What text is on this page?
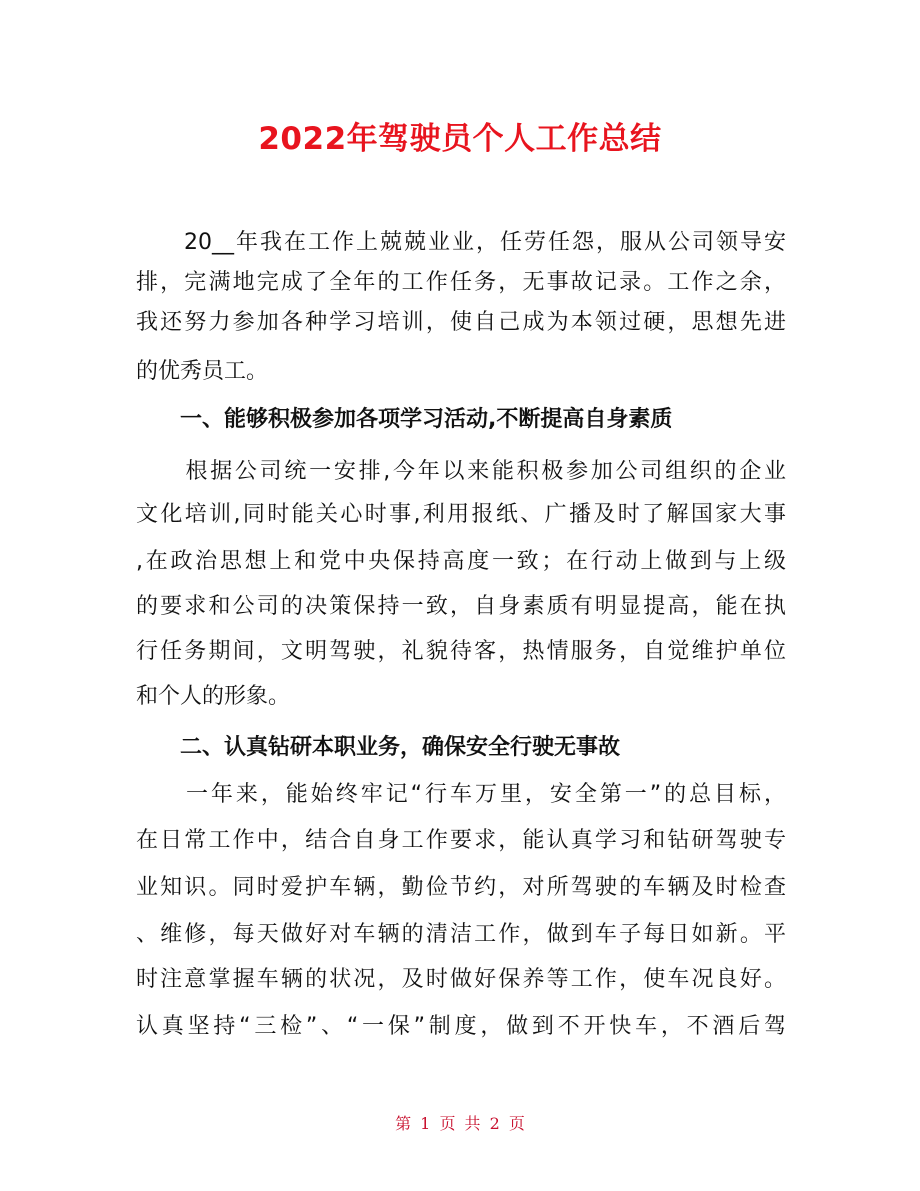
2022年驾驶员个人工作总结
　　20__年我在工作上兢兢业业，任劳任怨，服从公司领导安
排，完满地完成了全年的工作任务，无事故记录。工作之余，
我还努力参加各种学习培训，使自己成为本领过硬，思想先进
的优秀员工。
　　一、能够积极参加各项学习活动,不断提高自身素质
　　根据公司统一安排,今年以来能积极参加公司组织的企业
文化培训,同时能关心时事,利用报纸、广播及时了解国家大事
,在政治思想上和党中央保持高度一致；在行动上做到与上级
的要求和公司的决策保持一致，自身素质有明显提高，能在执
行任务期间，文明驾驶，礼貌待客，热情服务，自觉维护单位
和个人的形象。
　　二、认真钻研本职业务，确保安全行驶无事故
　　一年来，能始终牢记“行车万里，安全第一”的总目标，
在日常工作中，结合自身工作要求，能认真学习和钻研驾驶专
业知识。同时爱护车辆，勤俭节约，对所驾驶的车辆及时检查
、维修，每天做好对车辆的清洁工作，做到车子每日如新。平
时注意掌握车辆的状况，及时做好保养等工作，使车况良好。
认真坚持“三检”、“一保”制度，做到不开快车，不酒后驾
第 1 页 共 2 页
